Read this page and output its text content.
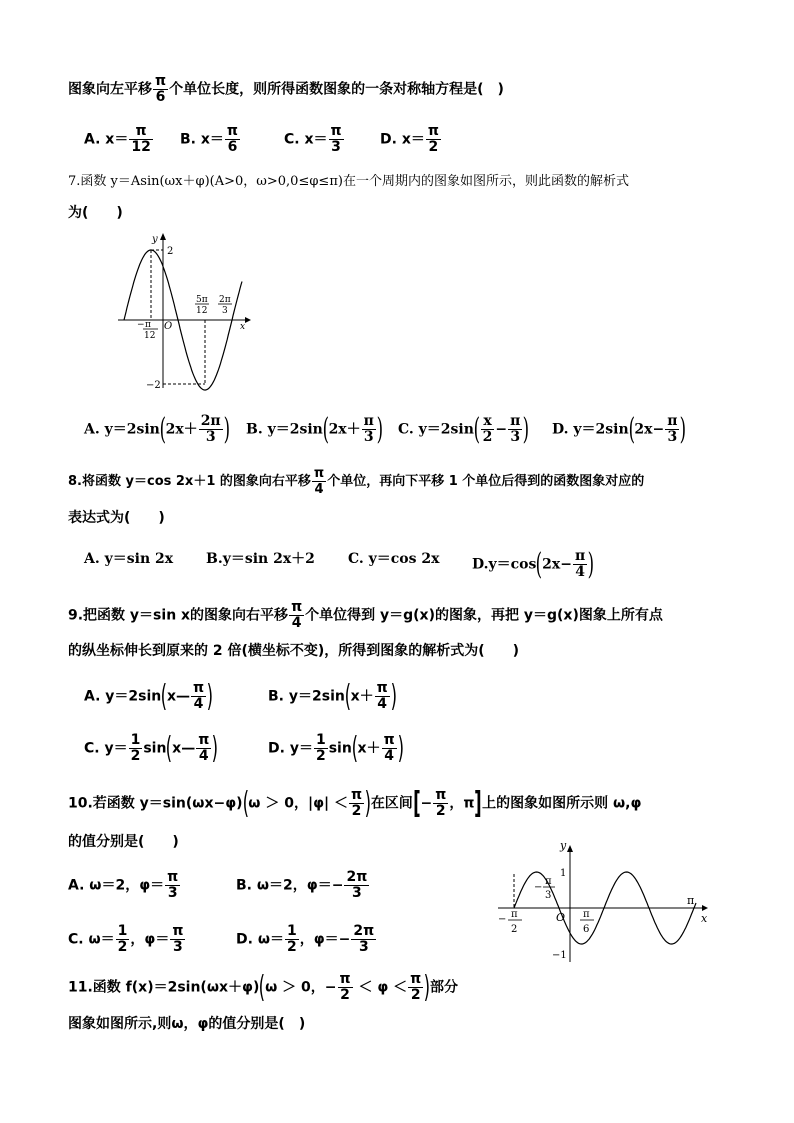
图象向左平移 $\frac{\pi}{6}$ 个单位长度，则所得函数图象的一条对称轴方程是(　)
A. $x= \frac{\pi}{12} B$. $x= \frac{\pi}{6}$	C. $x= \frac{\pi}{3}$	D. $x= \frac{\pi}{2}$
7.函数 y＝Asin(ωx＋φ)(A>0，ω>0,0≤φ≤π)在一个周期内的图象如图所示，则此函数的解析式
为(　　)
y
2
−2
O	x
− π
12
5π
12
2π
3
A. $y=2\sin(2x+ \frac{2\pi}{3}$ ) B. $y=2\sin(2x+ \frac{\pi}{3}$ ) C. $y=2\sin( \frac{x}{2} - \frac{\pi}{3}$ ) D. $y=2\sin(2x- \frac{\pi}{3}$ )
8.将函数 y＝cos 2x＋1 的图象向右平移 $\frac{\pi}{4}$ 个单位，再向下平移 1 个单位后得到的函数图象对应的
表达式为(　　)
A. y＝sin 2x B.y＝sin 2x＋2 C. y＝cos 2x $D.y=\cos(2x- \frac{\pi}{4}$ )
9.把函数 y＝sin x的图象向右平移 $\frac{\pi}{4}$ 个单位得到 y＝g(x)的图象，再把 y＝g(x)图象上所有点
的纵坐标伸长到原来的 2 倍(横坐标不变)，所得到图象的解析式为(　　)
A. y＝2sin(x— $\frac{\pi}{4}$ )	B. $y=2\sin(x+ \frac{\pi}{4}$ )
C. $y= \frac{1}{2}$ sin(x— $\frac{\pi}{4}$ )	D. $y= \frac{1}{2} \sin(x+ \frac{\pi}{4}$ )
10.若函数 y＝sin(ωx−φ)(ω ＞ 0，$|\varphi| < \frac{\pi}{2}$ )在区间[− $\frac{\pi}{2}$ ，π]上的图象如图所示则 ω,φ
的值分别是(　　)
A. ω＝2，$\varphi= \frac{\pi}{3}$	B. ω＝2，$\varphi=- \frac{2\pi}{3}$
C. $\omega= \frac{1}{2}$ ，$\varphi= \frac{\pi}{3}$	D. $\omega= \frac{1}{2}$ ，$\varphi=- \frac{2\pi}{3}$
y
1
−1
O	x
π
−
π
3
− π
2
π
6
11.函数 f(x)＝2sin(ωx＋φ)(ω ＞ 0，− $\frac{\pi}{2} < \varphi < \frac{\pi}{2}$ )部分
图象如图所示,则ω，φ的值分别是(　)
